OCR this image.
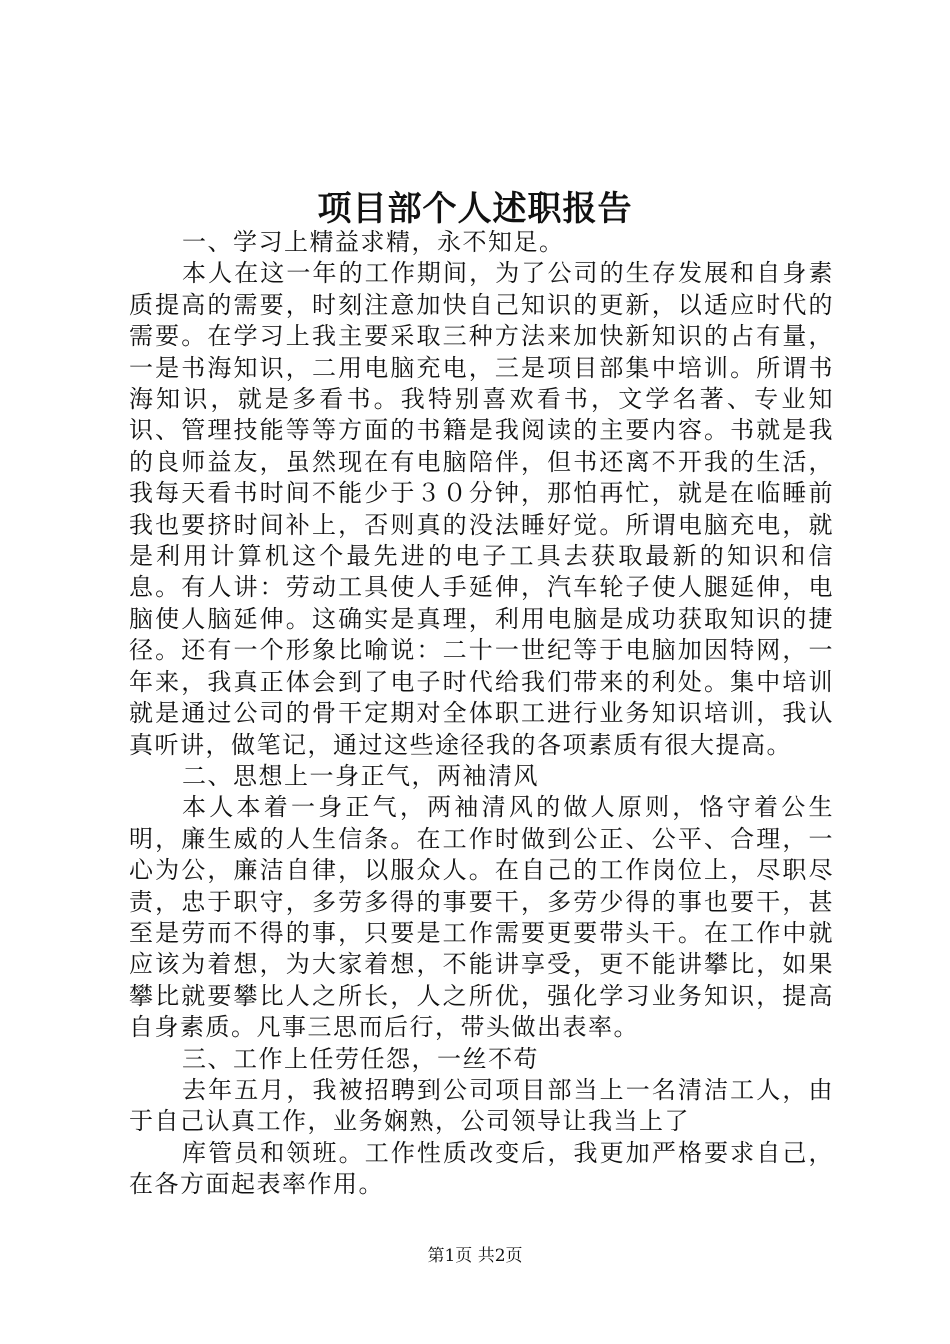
项目部个人述职报告

一、学习上精益求精，永不知足。

本人在这一年的工作期间，为了公司的生存发展和自身素质提高的需要，时刻注意加快自己知识的更新，以适应时代的需要。在学习上我主要采取三种方法来加快新知识的占有量，一是书海知识，二用电脑充电，三是项目部集中培训。所谓书海知识，就是多看书。我特别喜欢看书，文学名著、专业知识、管理技能等等方面的书籍是我阅读的主要内容。书就是我的良师益友，虽然现在有电脑陪伴，但书还离不开我的生活，我每天看书时间不能少于３０分钟，那怕再忙，就是在临睡前我也要挤时间补上，否则真的没法睡好觉。所谓电脑充电，就是利用计算机这个最先进的电子工具去获取最新的知识和信息。有人讲：劳动工具使人手延伸，汽车轮子使人腿延伸，电脑使人脑延伸。这确实是真理，利用电脑是成功获取知识的捷径。还有一个形象比喻说：二十一世纪等于电脑加因特网，一年来，我真正体会到了电子时代给我们带来的利处。集中培训就是通过公司的骨干定期对全体职工进行业务知识培训，我认真听讲，做笔记，通过这些途径我的各项素质有很大提高。

二、思想上一身正气，两袖清风

本人本着一身正气，两袖清风的做人原则，恪守着公生明，廉生威的人生信条。在工作时做到公正、公平、合理，一心为公，廉洁自律，以服众人。在自己的工作岗位上，尽职尽责，忠于职守，多劳多得的事要干，多劳少得的事也要干，甚至是劳而不得的事，只要是工作需要更要带头干。在工作中就应该为着想，为大家着想，不能讲享受，更不能讲攀比，如果攀比就要攀比人之所长，人之所优，强化学习业务知识，提高自身素质。凡事三思而后行，带头做出表率。

三、工作上任劳任怨，一丝不苟

去年五月，我被招聘到公司项目部当上一名清洁工人，由于自己认真工作，业务娴熟，公司领导让我当上了

库管员和领班。工作性质改变后，我更加严格要求自己，在各方面起表率作用。

第1页 共2页
